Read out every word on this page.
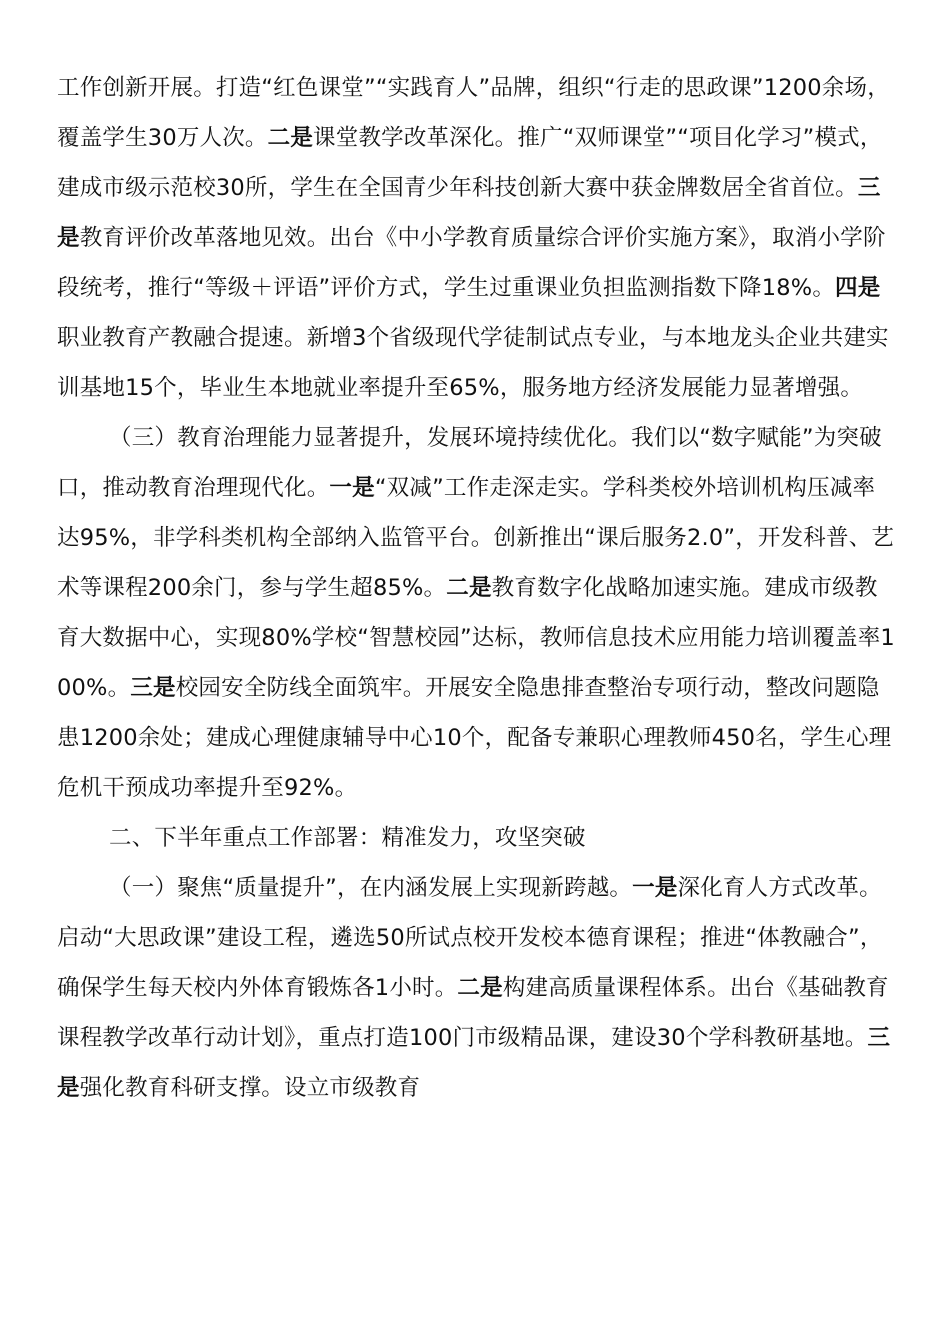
工作创新开展。打造“红色课堂”“实践育人”品牌，组织“行走的思政课”1200余场，覆盖学生30万人次。二是课堂教学改革深化。推广“双师课堂”“项目化学习”模式，建成市级示范校30所，学生在全国青少年科技创新大赛中获金牌数居全省首位。三是教育评价改革落地见效。出台《中小学教育质量综合评价实施方案》，取消小学阶段统考，推行“等级＋评语”评价方式，学生过重课业负担监测指数下降18%。四是职业教育产教融合提速。新增3个省级现代学徒制试点专业，与本地龙头企业共建实训基地15个，毕业生本地就业率提升至65%，服务地方经济发展能力显著增强。

（三）教育治理能力显著提升，发展环境持续优化。我们以“数字赋能”为突破口，推动教育治理现代化。一是“双减”工作走深走实。学科类校外培训机构压减率达95%，非学科类机构全部纳入监管平台。创新推出“课后服务2.0”，开发科普、艺术等课程200余门，参与学生超85%。二是教育数字化战略加速实施。建成市级教育大数据中心，实现80%学校“智慧校园”达标，教师信息技术应用能力培训覆盖率100%。三是校园安全防线全面筑牢。开展安全隐患排查整治专项行动，整改问题隐患1200余处；建成心理健康辅导中心10个，配备专兼职心理教师450名，学生心理危机干预成功率提升至92%。

二、下半年重点工作部署：精准发力，攻坚突破

（一）聚焦“质量提升”，在内涵发展上实现新跨越。一是深化育人方式改革。启动“大思政课”建设工程，遴选50所试点校开发校本德育课程；推进“体教融合”，确保学生每天校内外体育锻炼各1小时。二是构建高质量课程体系。出台《基础教育课程教学改革行动计划》，重点打造100门市级精品课，建设30个学科教研基地。三是强化教育科研支撑。设立市级教育
